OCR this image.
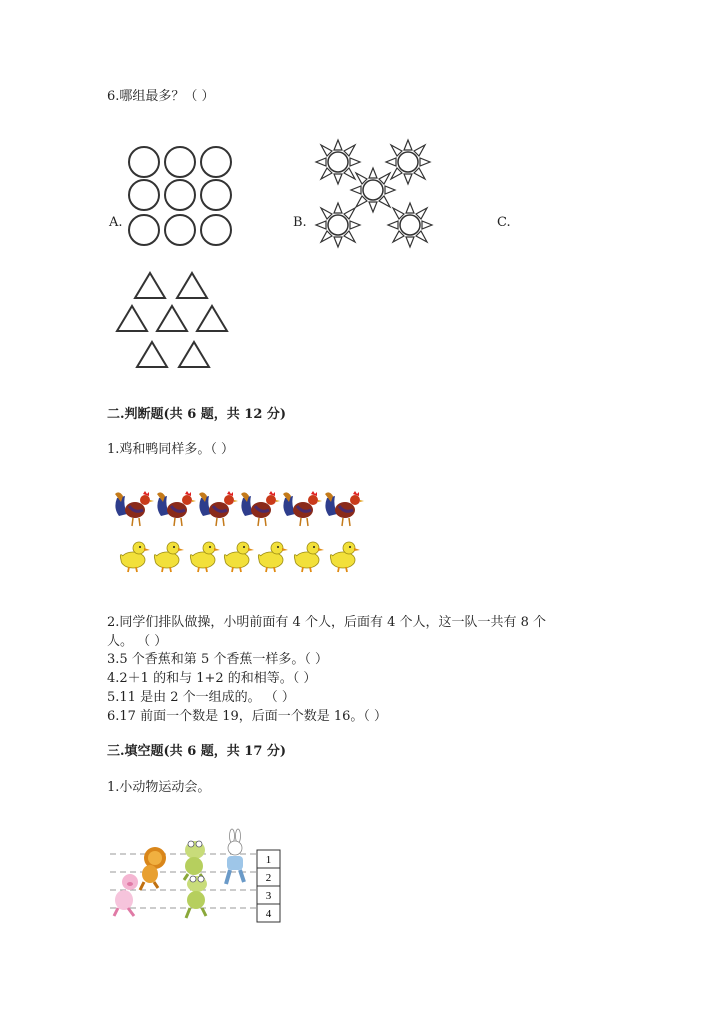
6.哪组最多？（ ）
A.	B.	C.
二.判断题(共 6 题，共 12 分)
1.鸡和鸭同样多。（ ）
2.同学们排队做操，小明前面有 4 个人，后面有 4 个人，这一队一共有 8 个
人。 （ ）
3.5 个香蕉和第 5 个香蕉一样多。（ ）
4.2＋1 的和与 1+2 的和相等。（ ）
5.11 是由 2 个一组成的。 （ ）
6.17 前面一个数是 19，后面一个数是 16。（ ）
三.填空题(共 6 题，共 17 分)
1.小动物运动会。
1
2
3
4
